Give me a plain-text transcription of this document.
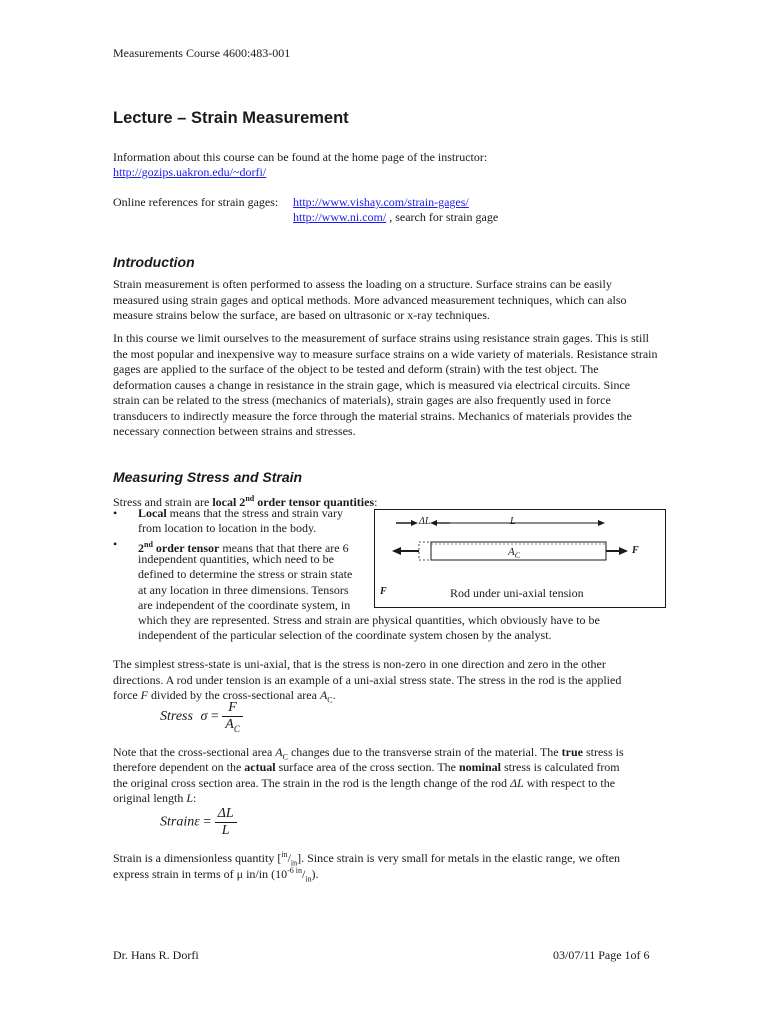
Measurements Course 4600:483-001
Lecture – Strain Measurement
Information about this course can be found at the home page of the instructor:
http://gozips.uakron.edu/~dorfi/
Online references for strain gages: http://www.vishay.com/strain-gages/
http://www.ni.com/ , search for strain gage
Introduction
Strain measurement is often performed to assess the loading on a structure. Surface strains can be easily measured using strain gages and optical methods. More advanced measurement techniques, which can also measure strains below the surface, are based on ultrasonic or x-ray techniques.
In this course we limit ourselves to the measurement of surface strains using resistance strain gages. This is still the most popular and inexpensive way to measure surface strains on a wide variety of materials. Resistance strain gages are applied to the surface of the object to be tested and deform (strain) with the test object. The deformation causes a change in resistance in the strain gage, which is measured via electrical circuits. Since strain can be related to the stress (mechanics of materials), strain gages are also frequently used in force transducers to indirectly measure the force through the material strains. Mechanics of materials provides the necessary connection between strains and stresses.
Measuring Stress and Strain
Stress and strain are local 2nd order tensor quantities:
• Local means that the stress and strain vary
from location to location in the body.
• 2nd order tensor means that that there are 6
independent quantities, which need to be
defined to determine the stress or strain state
at any location in three dimensions. Tensors
are independent of the coordinate system, in
which they are represented. Stress and strain are physical quantities, which obviously have to be
independent of the particular selection of the coordinate system chosen by the analyst.
ΔL	L
$A_C$	F
F	Rod under uni-axial tension
The simplest stress-state is uni-axial, that is the stress is non-zero in one direction and zero in the other directions. A rod under tension is an example of a uni-axial stress state. The stress in the rod is the applied
force F divided by the cross-sectional area $A_C$.
Stress $\sigma = \frac{F}{A_C}$
Note that the cross-sectional area $A_C$ changes due to the transverse strain of the material. The true stress is
therefore dependent on the actual surface area of the cross section. The nominal stress is calculated from
the original cross section area. The strain in the rod is the length change of the rod ΔL with respect to the
original length L:
Strainε = $\frac{\Delta L}{L}$
Strain is a dimensionless quantity $[^{in}/_{in}]$. Since strain is very small for metals in the elastic range, we often
express strain in terms of μ in/in $(10^{-6 in}/_{in})$.
Dr. Hans R. Dorfi	03/07/11 Page 1of 6
